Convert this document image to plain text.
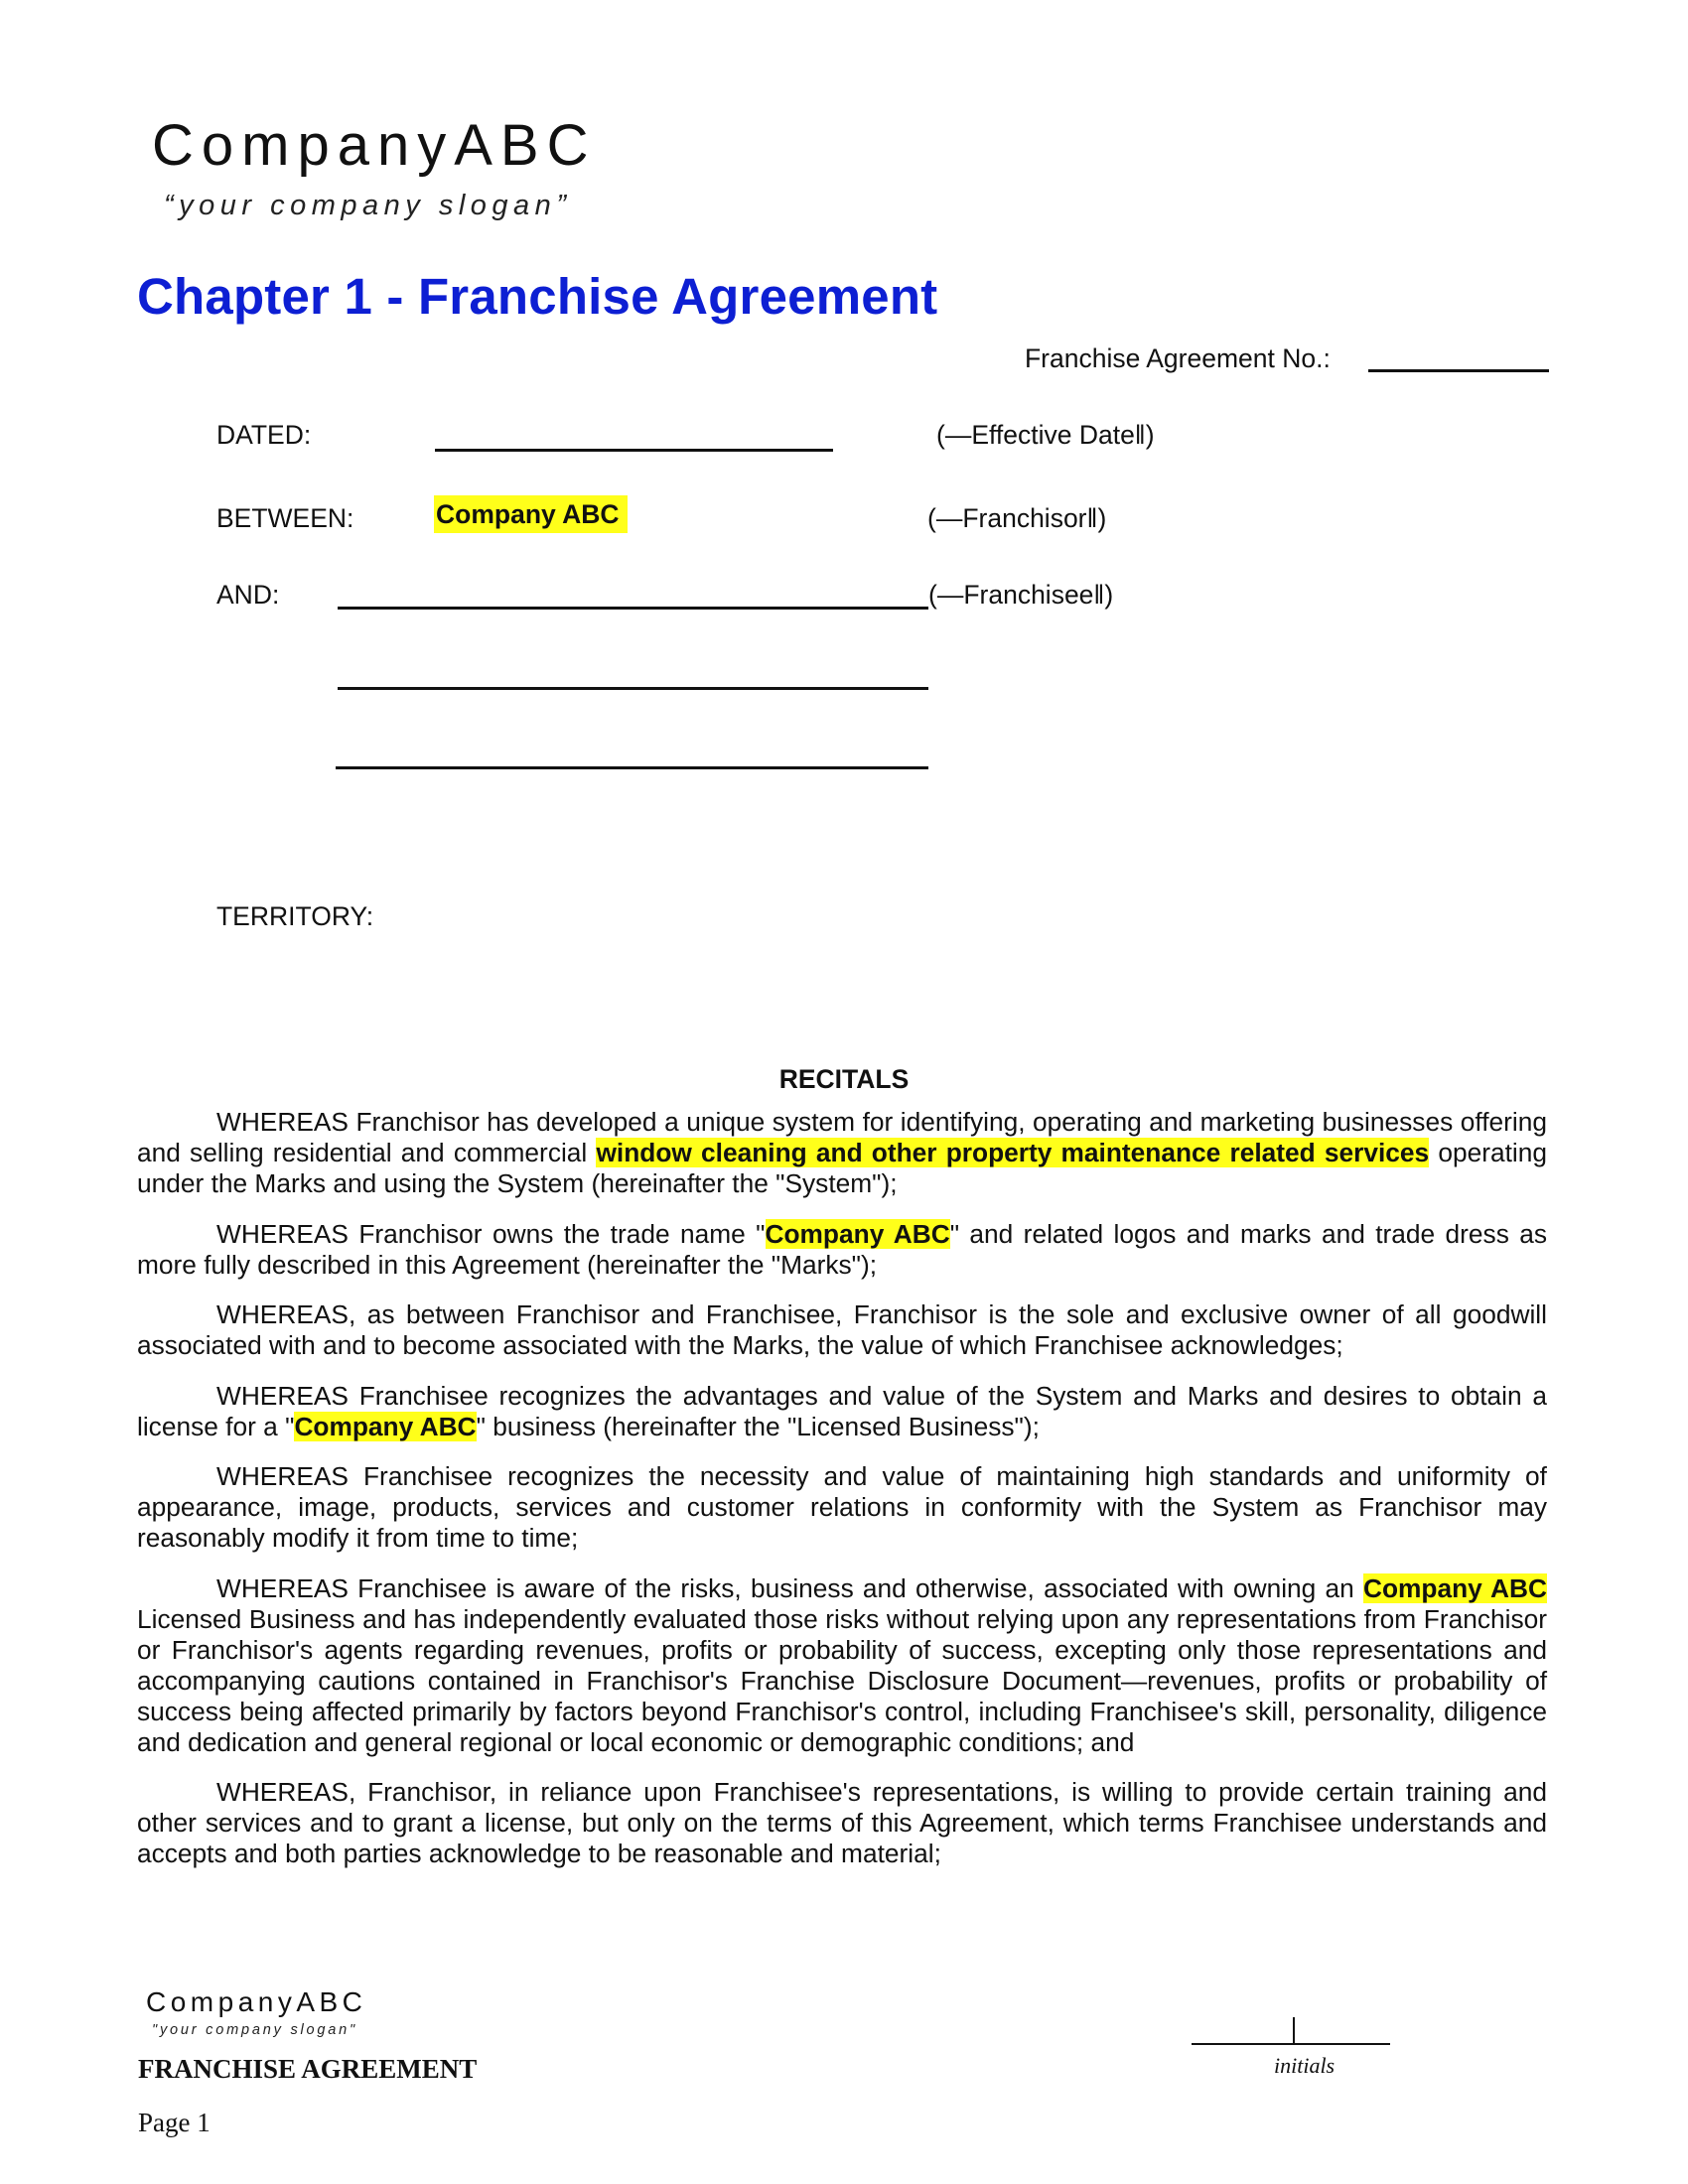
CompanyABC
“your company slogan”
Chapter 1 - Franchise Agreement
Franchise Agreement No.:
DATED:	(—Effective Date‖)
BETWEEN:	Company ABC	(—Franchisor‖)
AND:	(—Franchisee‖)
TERRITORY:
RECITALS

WHEREAS Franchisor has developed a unique system for identifying, operating and marketing businesses offering and selling residential and commercial window cleaning and other property maintenance related services operating under the Marks and using the System (hereinafter the "System");

WHEREAS Franchisor owns the trade name "Company ABC" and related logos and marks and trade dress as more fully described in this Agreement (hereinafter the "Marks");

WHEREAS, as between Franchisor and Franchisee, Franchisor is the sole and exclusive owner of all goodwill associated with and to become associated with the Marks, the value of which Franchisee acknowledges;

WHEREAS Franchisee recognizes the advantages and value of the System and Marks and desires to obtain a license for a "Company ABC" business (hereinafter the "Licensed Business");

WHEREAS Franchisee recognizes the necessity and value of maintaining high standards and uniformity of appearance, image, products, services and customer relations in conformity with the System as Franchisor may reasonably modify it from time to time;

WHEREAS Franchisee is aware of the risks, business and otherwise, associated with owning an Company ABC Licensed Business and has independently evaluated those risks without relying upon any representations from Franchisor or Franchisor's agents regarding revenues, profits or probability of success, excepting only those representations and accompanying cautions contained in Franchisor's Franchise Disclosure Document—revenues, profits or probability of success being affected primarily by factors beyond Franchisor's control, including Franchisee's skill, personality, diligence and dedication and general regional or local economic or demographic conditions; and

WHEREAS, Franchisor, in reliance upon Franchisee's representations, is willing to provide certain training and other services and to grant a license, but only on the terms of this Agreement, which terms Franchisee understands and accepts and both parties acknowledge to be reasonable and material;

CompanyABC
"your company slogan"
FRANCHISE AGREEMENT
Page 1
initials
